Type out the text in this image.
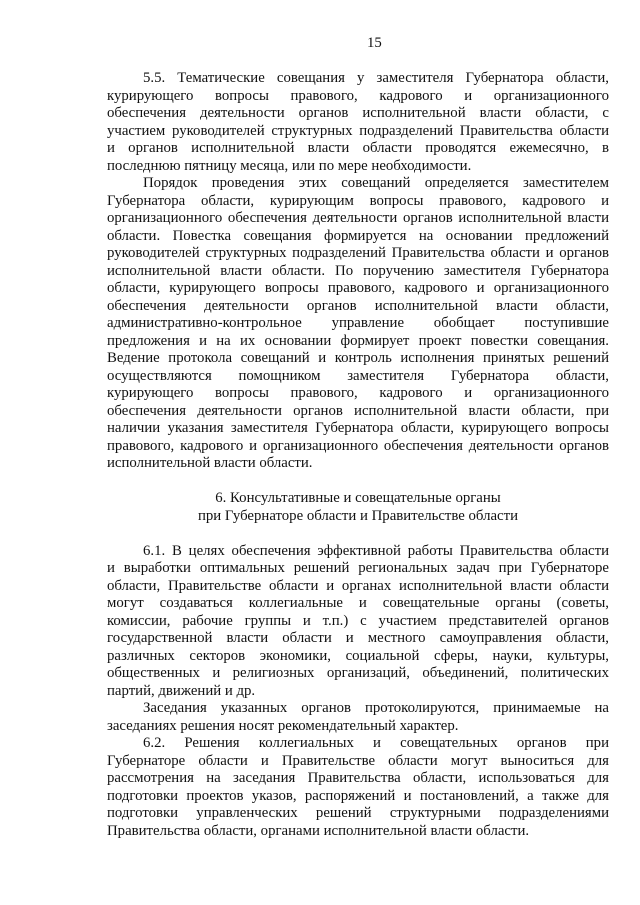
15
5.5. Тематические совещания у заместителя Губернатора области,
курирующего вопросы правового, кадрового и организационного
обеспечения деятельности органов исполнительной власти области, с
участием руководителей структурных подразделений Правительства области
и органов исполнительной власти области проводятся ежемесячно, в
последнюю пятницу месяца, или по мере необходимости.
Порядок проведения этих совещаний определяется заместителем
Губернатора области, курирующим вопросы правового, кадрового и
организационного обеспечения деятельности органов исполнительной власти
области. Повестка совещания формируется на основании предложений
руководителей структурных подразделений Правительства области и органов
исполнительной власти области. По поручению заместителя Губернатора
области, курирующего вопросы правового, кадрового и организационного
обеспечения деятельности органов исполнительной власти области,
административно-контрольное управление обобщает поступившие
предложения и на их основании формирует проект повестки совещания.
Ведение протокола совещаний и контроль исполнения принятых решений
осуществляются помощником заместителя Губернатора области,
курирующего вопросы правового, кадрового и организационного
обеспечения деятельности органов исполнительной власти области, при
наличии указания заместителя Губернатора области, курирующего вопросы
правового, кадрового и организационного обеспечения деятельности органов
исполнительной власти области.
6. Консультативные и совещательные органы
при Губернаторе области и Правительстве области
6.1. В целях обеспечения эффективной работы Правительства области
и выработки оптимальных решений региональных задач при Губернаторе
области, Правительстве области и органах исполнительной власти области
могут создаваться коллегиальные и совещательные органы (советы,
комиссии, рабочие группы и т.п.) с участием представителей органов
государственной власти области и местного самоуправления области,
различных секторов экономики, социальной сферы, науки, культуры,
общественных и религиозных организаций, объединений, политических
партий, движений и др.
Заседания указанных органов протоколируются, принимаемые на
заседаниях решения носят рекомендательный характер.
6.2. Решения коллегиальных и совещательных органов при
Губернаторе области и Правительстве области могут выноситься для
рассмотрения на заседания Правительства области, использоваться для
подготовки проектов указов, распоряжений и постановлений, а также для
подготовки управленческих решений структурными подразделениями
Правительства области, органами исполнительной власти области.
